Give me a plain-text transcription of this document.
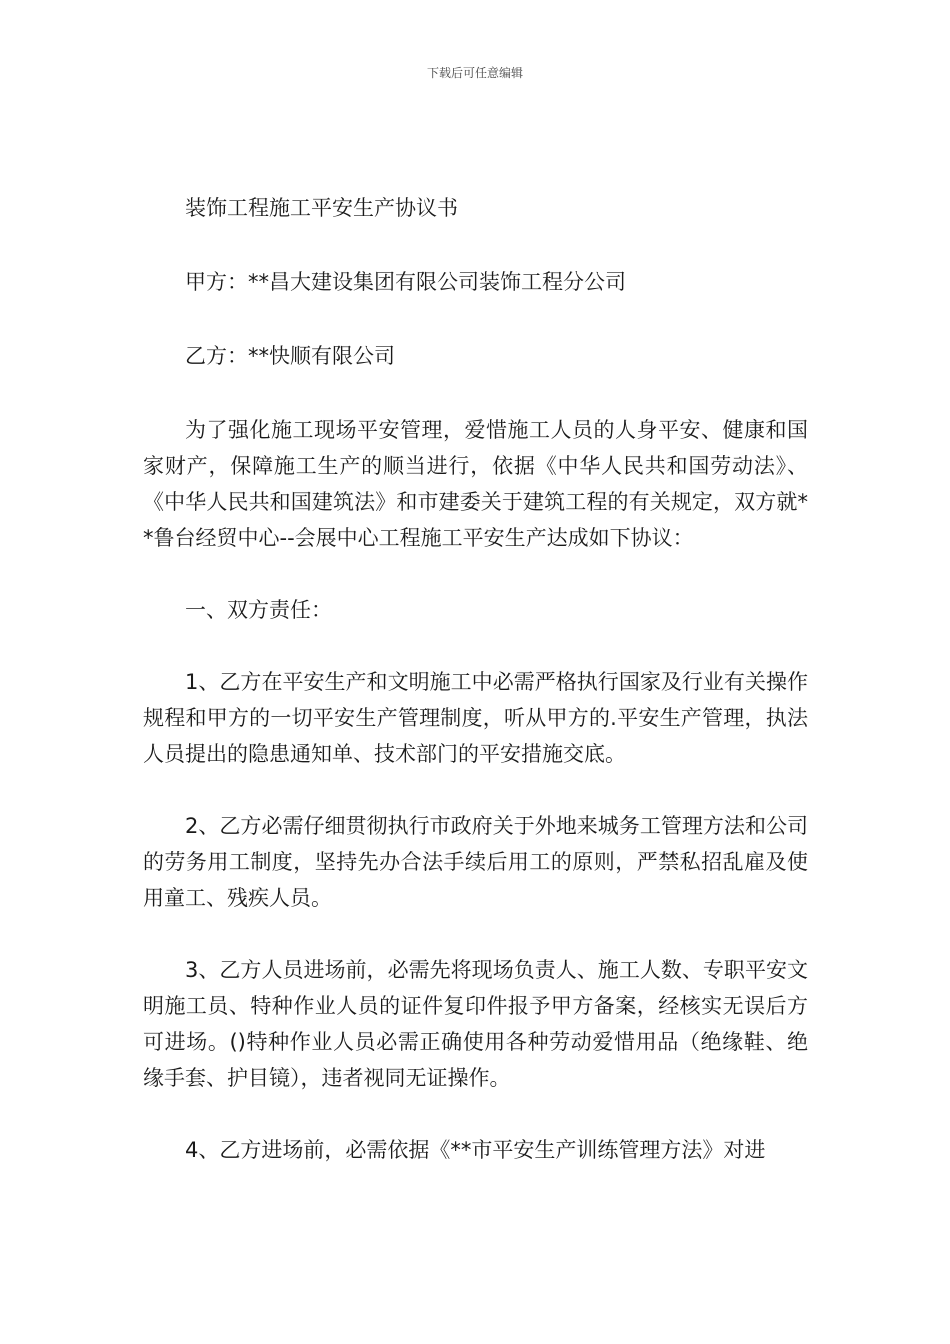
下载后可任意编辑

装饰工程施工平安生产协议书

甲方：**昌大建设集团有限公司装饰工程分公司

乙方：**快顺有限公司

为了强化施工现场平安管理，爱惜施工人员的人身平安、健康和国家财产，保障施工生产的顺当进行，依据《中华人民共和国劳动法》、《中华人民共和国建筑法》和市建委关于建筑工程的有关规定，双方就**鲁台经贸中心--会展中心工程施工平安生产达成如下协议：

一、双方责任：

1、乙方在平安生产和文明施工中必需严格执行国家及行业有关操作规程和甲方的一切平安生产管理制度，听从甲方的.平安生产管理，执法人员提出的隐患通知单、技术部门的平安措施交底。

2、乙方必需仔细贯彻执行市政府关于外地来城务工管理方法和公司的劳务用工制度，坚持先办合法手续后用工的原则，严禁私招乱雇及使用童工、残疾人员。

3、乙方人员进场前，必需先将现场负责人、施工人数、专职平安文明施工员、特种作业人员的证件复印件报予甲方备案，经核实无误后方可进场。()特种作业人员必需正确使用各种劳动爱惜用品（绝缘鞋、绝缘手套、护目镜），违者视同无证操作。

4、乙方进场前，必需依据《**市平安生产训练管理方法》对进
